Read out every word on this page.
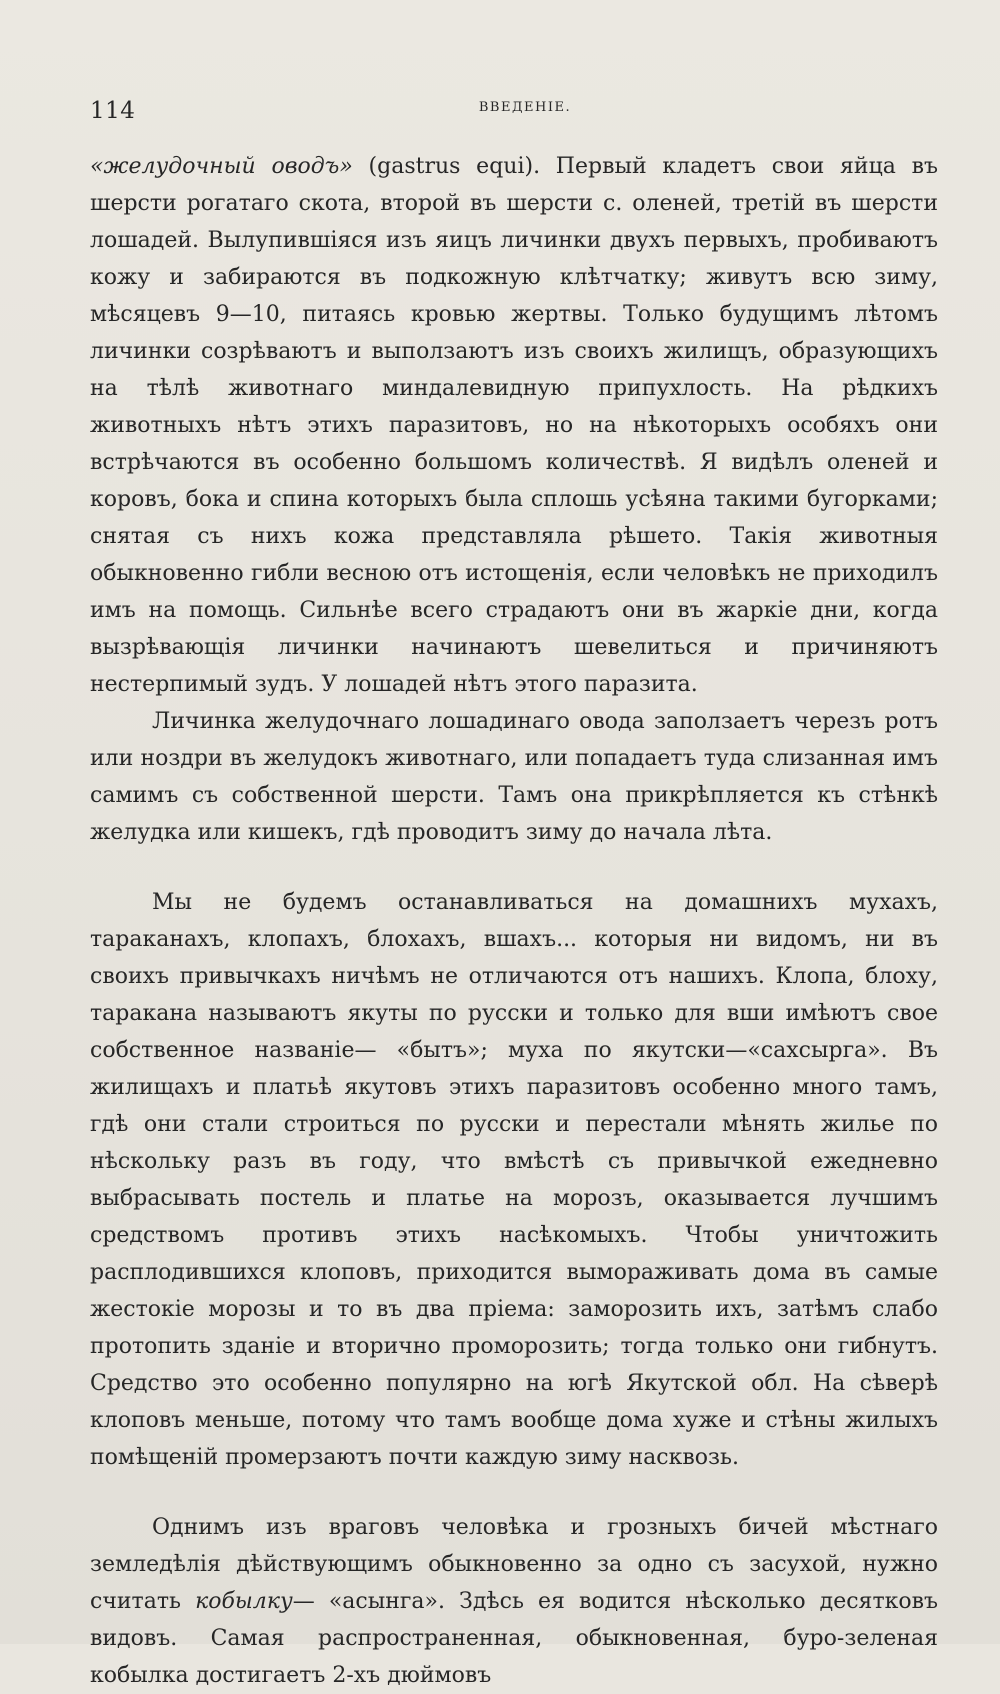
114	ВВЕДЕНІЕ.

«желудочный оводъ» (gastrus equi). Первый кладетъ свои яйца въ шерсти рогатаго скота, второй въ шерсти с. оленей, третій въ шерсти лошадей. Вылупившіяся изъ яицъ личинки двухъ первыхъ, пробиваютъ кожу и забираются въ подкожную клѣтчатку; живутъ всю зиму, мѣсяцевъ 9—10, питаясь кровью жертвы. Только будущимъ лѣтомъ личинки созрѣваютъ и выползаютъ изъ своихъ жилищъ, образующихъ на тѣлѣ животнаго миндалевидную припухлость. На рѣдкихъ животныхъ нѣтъ этихъ паразитовъ, но на нѣкоторыхъ особяхъ они встрѣчаются въ особенно большомъ количествѣ. Я видѣлъ оленей и коровъ, бока и спина которыхъ была сплошь усѣяна такими бугорками; снятая съ нихъ кожа представляла рѣшето. Такія животныя обыкновенно гибли весною отъ истощенія, если человѣкъ не приходилъ имъ на помощь. Сильнѣе всего страдаютъ они въ жаркіе дни, когда вызрѣвающія личинки начинаютъ шевелиться и причиняютъ нестерпимый зудъ. У лошадей нѣтъ этого паразита.

Личинка желудочнаго лошадинаго овода заползаетъ черезъ ротъ или ноздри въ желудокъ животнаго, или попадаетъ туда слизанная имъ самимъ съ собственной шерсти. Тамъ она прикрѣпляется къ стѣнкѣ желудка или кишекъ, гдѣ проводитъ зиму до начала лѣта.

Мы не будемъ останавливаться на домашнихъ мухахъ, тараканахъ, клопахъ, блохахъ, вшахъ... которыя ни видомъ, ни въ своихъ привычкахъ ничѣмъ не отличаются отъ нашихъ. Клопа, блоху, таракана называютъ якуты по русски и только для вши имѣютъ свое собственное названіе— «бытъ»; муха по якутски—«сахсырга». Въ жилищахъ и платьѣ якутовъ этихъ паразитовъ особенно много тамъ, гдѣ они стали строиться по русски и перестали мѣнять жилье по нѣскольку разъ въ году, что вмѣстѣ съ привычкой ежедневно выбрасывать постель и платье на морозъ, оказывается лучшимъ средствомъ противъ этихъ насѣкомыхъ. Чтобы уничтожить расплодившихся клоповъ, приходится вымораживать дома въ самые жестокіе морозы и то въ два пріема: заморозить ихъ, затѣмъ слабо протопить зданіе и вторично проморозить; тогда только они гибнутъ. Средство это особенно популярно на югѣ Якутской обл. На сѣверѣ клоповъ меньше, потому что тамъ вообще дома хуже и стѣны жилыхъ помѣщеній промерзаютъ почти каждую зиму насквозь.

Однимъ изъ враговъ человѣка и грозныхъ бичей мѣстнаго земледѣлія дѣйствующимъ обыкновенно за одно съ засухой, нужно считать кобылку— «асынга». Здѣсь ея водится нѣсколько десятковъ видовъ. Самая распространенная, обыкновенная, буро-зеленая кобылка достигаетъ 2-хъ дюймовъ
